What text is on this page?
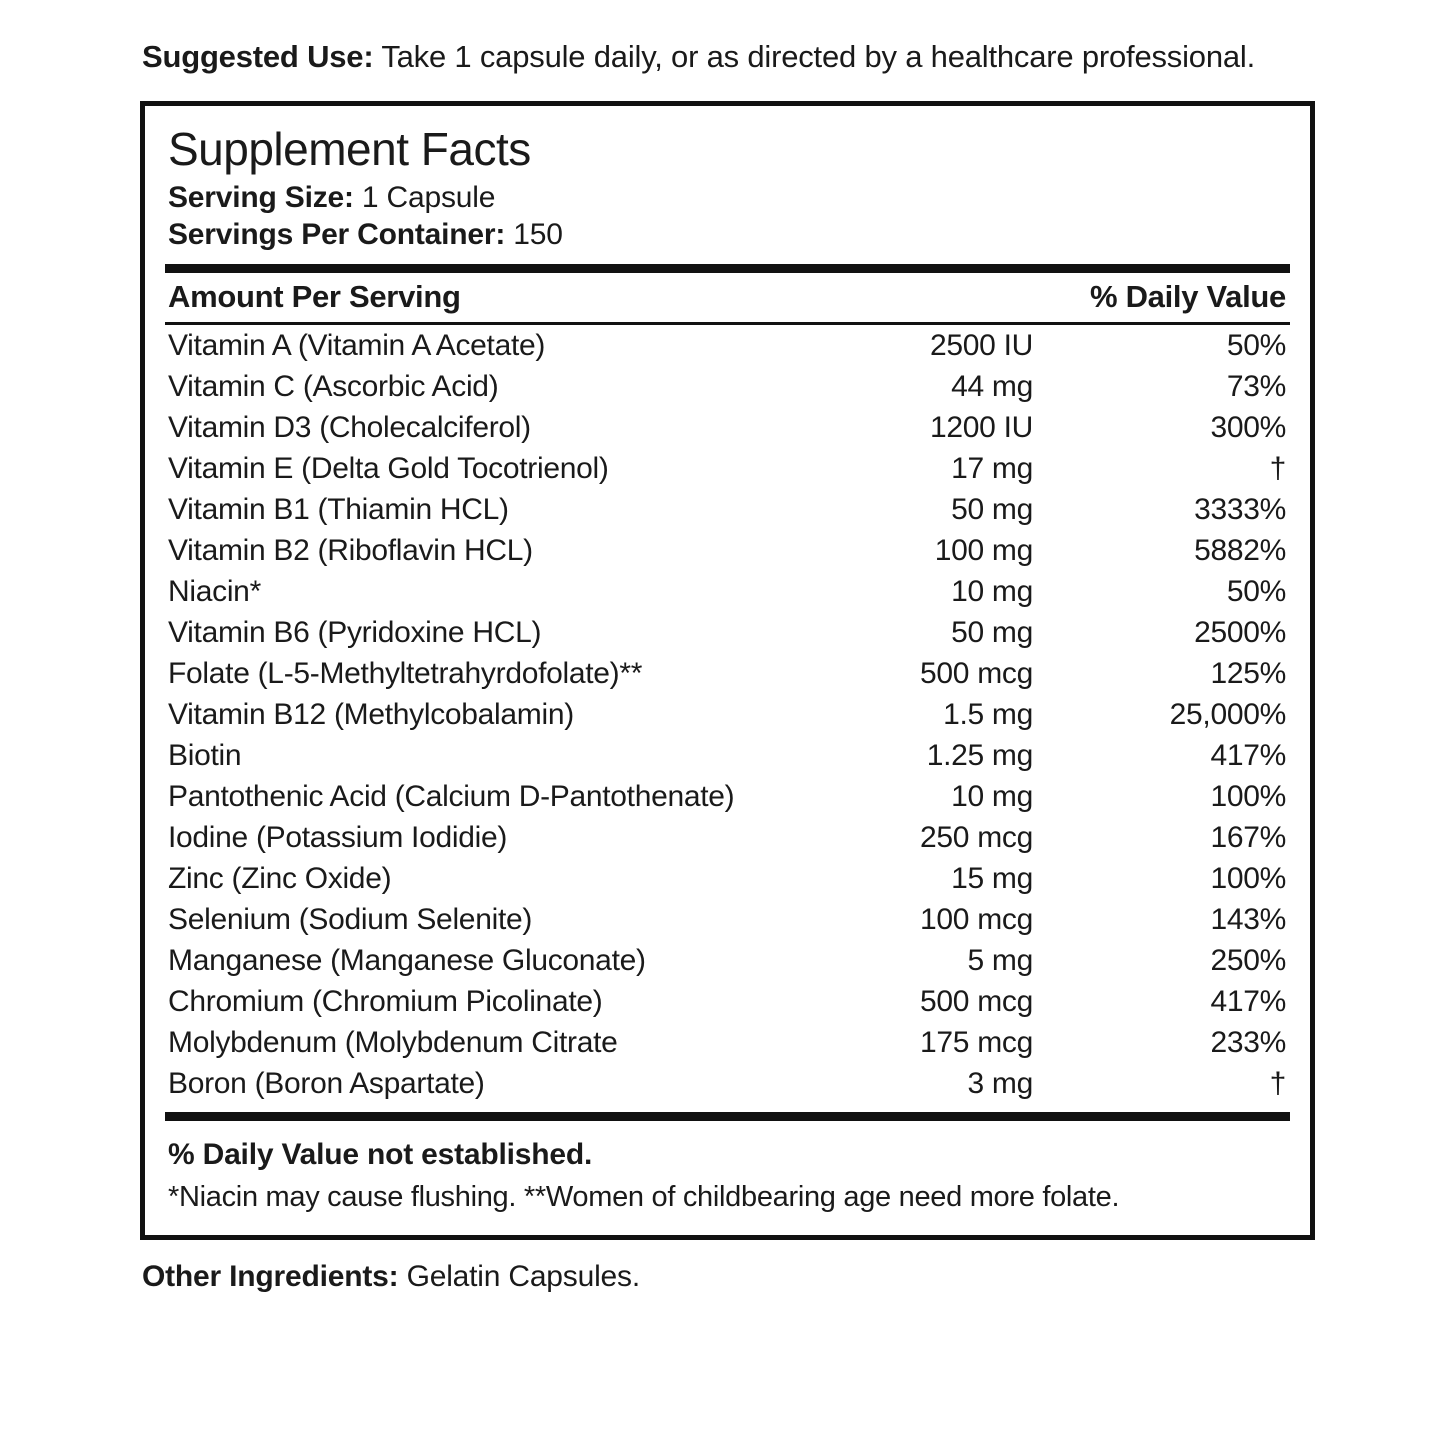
Suggested Use: Take 1 capsule daily, or as directed by a healthcare professional.

Supplement Facts
Serving Size: 1 Capsule
Servings Per Container: 150
Amount Per Serving		% Daily Value
Vitamin A (Vitamin A Acetate)	2500 IU	50%
Vitamin C (Ascorbic Acid)	44 mg	73%
Vitamin D3 (Cholecalciferol)	1200 IU	300%
Vitamin E (Delta Gold Tocotrienol)	17 mg	†
Vitamin B1 (Thiamin HCL)	50 mg	3333%
Vitamin B2 (Riboflavin HCL)	100 mg	5882%
Niacin*	10 mg	50%
Vitamin B6 (Pyridoxine HCL)	50 mg	2500%
Folate (L-5-Methyltetrahyrdofolate)**	500 mcg	125%
Vitamin B12 (Methylcobalamin)	1.5 mg	25,000%
Biotin	1.25 mg	417%
Pantothenic Acid (Calcium D-Pantothenate)	10 mg	100%
Iodine (Potassium Iodidie)	250 mcg	167%
Zinc (Zinc Oxide)	15 mg	100%
Selenium (Sodium Selenite)	100 mcg	143%
Manganese (Manganese Gluconate)	5 mg	250%
Chromium (Chromium Picolinate)	500 mcg	417%
Molybdenum (Molybdenum Citrate	175 mcg	233%
Boron (Boron Aspartate)	3 mg	†
% Daily Value not established.
*Niacin may cause flushing. **Women of childbearing age need more folate.

Other Ingredients: Gelatin Capsules.
